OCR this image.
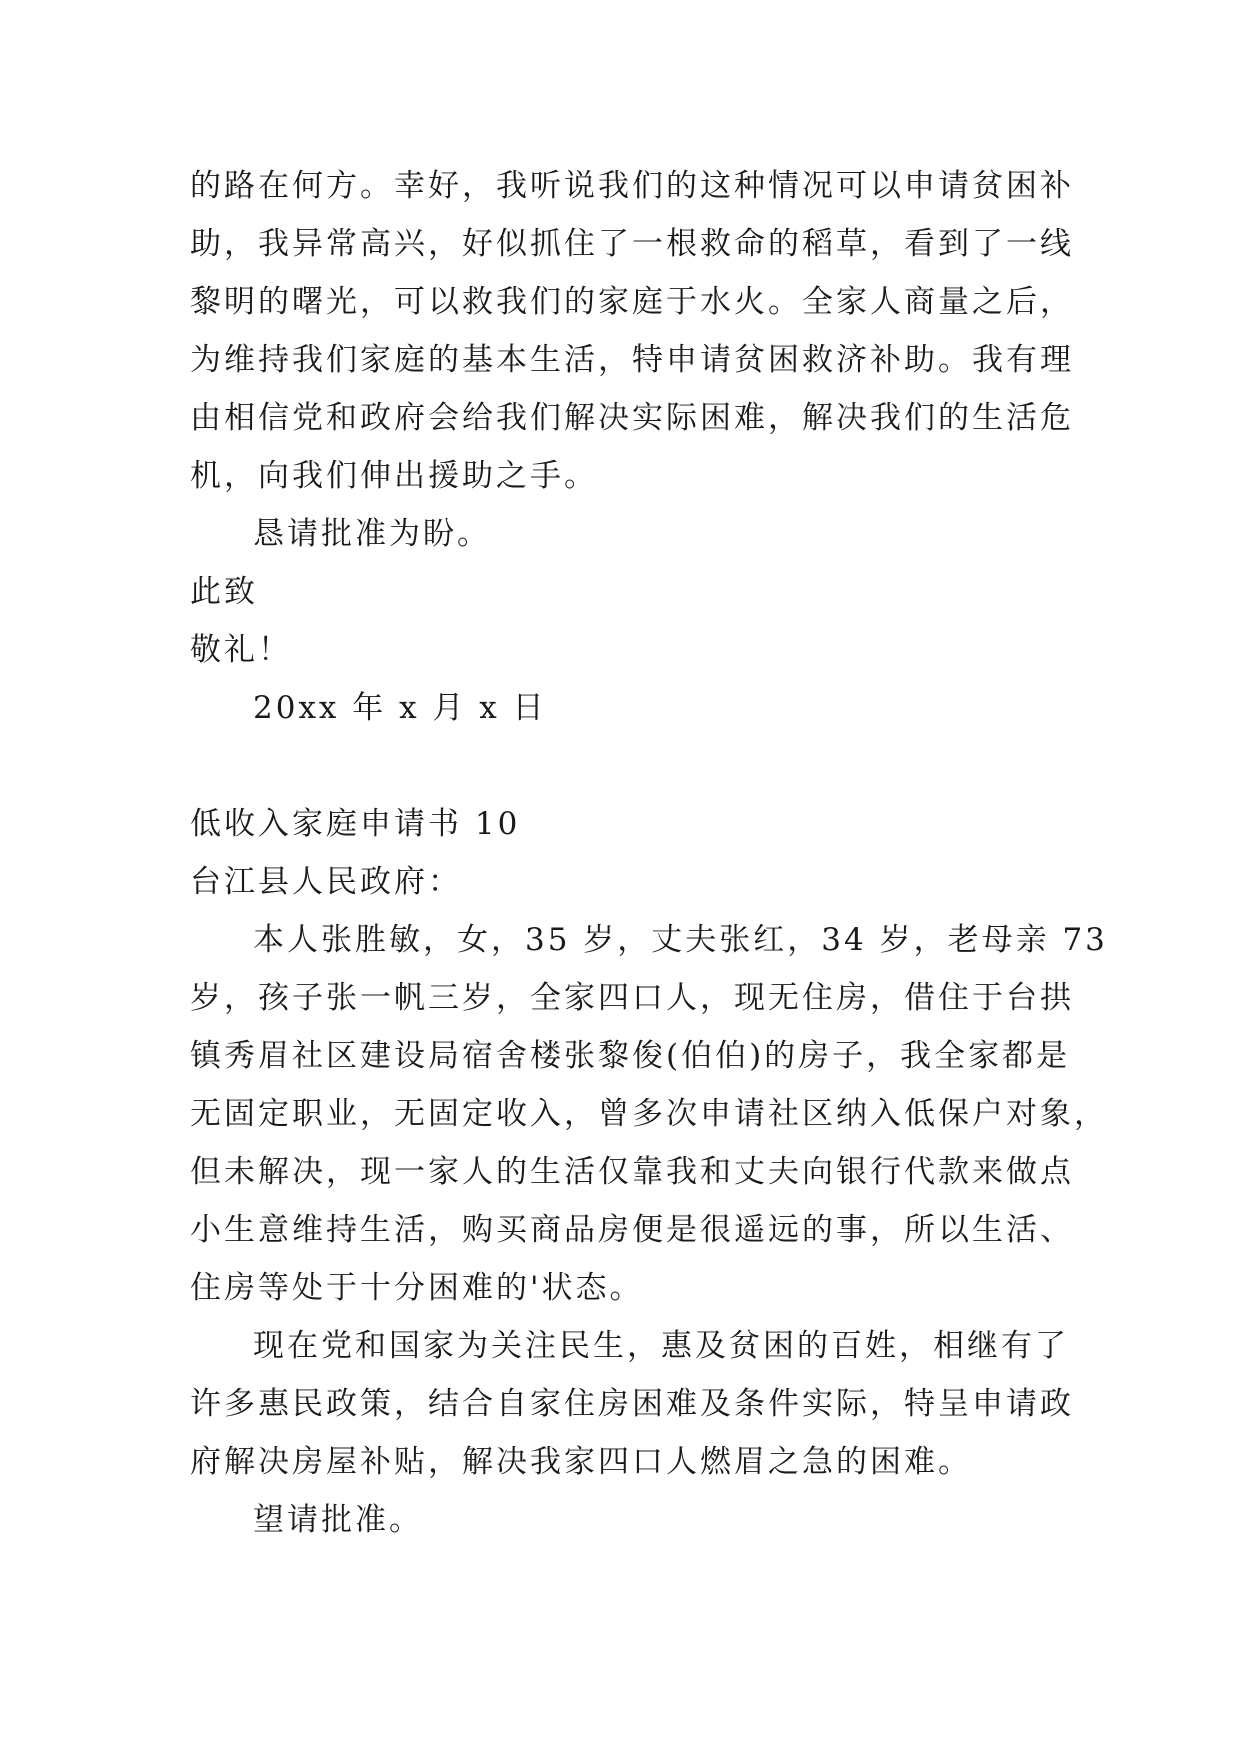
的路在何方。幸好，我听说我们的这种情况可以申请贫困补
助，我异常高兴，好似抓住了一根救命的稻草，看到了一线
黎明的曙光，可以救我们的家庭于水火。全家人商量之后，
为维持我们家庭的基本生活，特申请贫困救济补助。我有理
由相信党和政府会给我们解决实际困难，解决我们的生活危
机，向我们伸出援助之手。
恳请批准为盼。
此致
敬礼！
20xx 年 x 月 x 日
低收入家庭申请书 10
台江县人民政府：
本人张胜敏，女，35 岁，丈夫张红，34 岁，老母亲 73
岁，孩子张一帆三岁，全家四口人，现无住房，借住于台拱
镇秀眉社区建设局宿舍楼张黎俊(伯伯)的房子，我全家都是
无固定职业，无固定收入，曾多次申请社区纳入低保户对象，
但未解决，现一家人的生活仅靠我和丈夫向银行代款来做点
小生意维持生活，购买商品房便是很遥远的事，所以生活、
住房等处于十分困难的'状态。
现在党和国家为关注民生，惠及贫困的百姓，相继有了
许多惠民政策，结合自家住房困难及条件实际，特呈申请政
府解决房屋补贴，解决我家四口人燃眉之急的困难。
望请批准。
